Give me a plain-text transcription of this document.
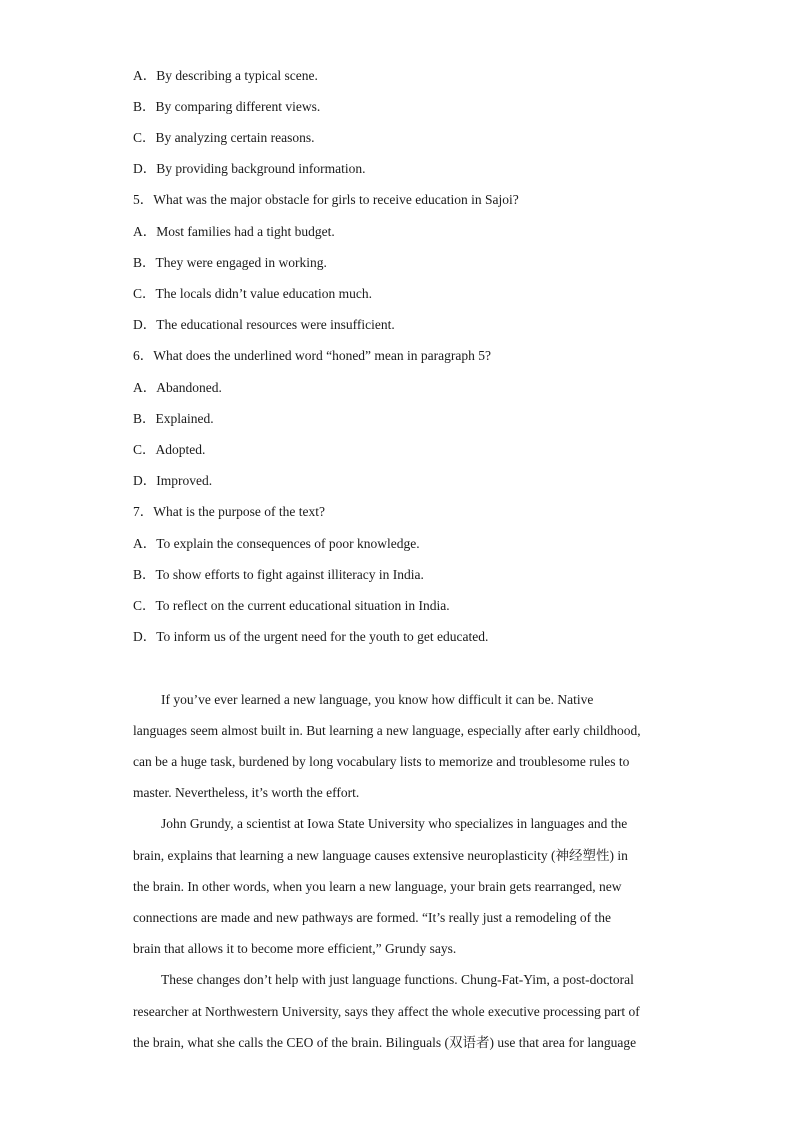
A．By describing a typical scene.
B．By comparing different views.
C．By analyzing certain reasons.
D．By providing background information.
5．What was the major obstacle for girls to receive education in Sajoi?
A．Most families had a tight budget.
B．They were engaged in working.
C．The locals didn’t value education much.
D．The educational resources were insufficient.
6．What does the underlined word “honed” mean in paragraph 5?
A．Abandoned.
B．Explained.
C．Adopted.
D．Improved.
7．What is the purpose of the text?
A．To explain the consequences of poor knowledge.
B．To show efforts to fight against illiteracy in India.
C．To reflect on the current educational situation in India.
D．To inform us of the urgent need for the youth to get educated.
If you’ve ever learned a new language, you know how difficult it can be. Native
languages seem almost built in. But learning a new language, especially after early childhood,
can be a huge task, burdened by long vocabulary lists to memorize and troublesome rules to
master. Nevertheless, it’s worth the effort.
John Grundy, a scientist at Iowa State University who specializes in languages and the
brain, explains that learning a new language causes extensive neuroplasticity (神经塑性) in
the brain. In other words, when you learn a new language, your brain gets rearranged, new
connections are made and new pathways are formed. “It’s really just a remodeling of the
brain that allows it to become more efficient,” Grundy says.
These changes don’t help with just language functions. Chung-Fat-Yim, a post-doctoral
researcher at Northwestern University, says they affect the whole executive processing part of
the brain, what she calls the CEO of the brain. Bilinguals (双语者) use that area for language
